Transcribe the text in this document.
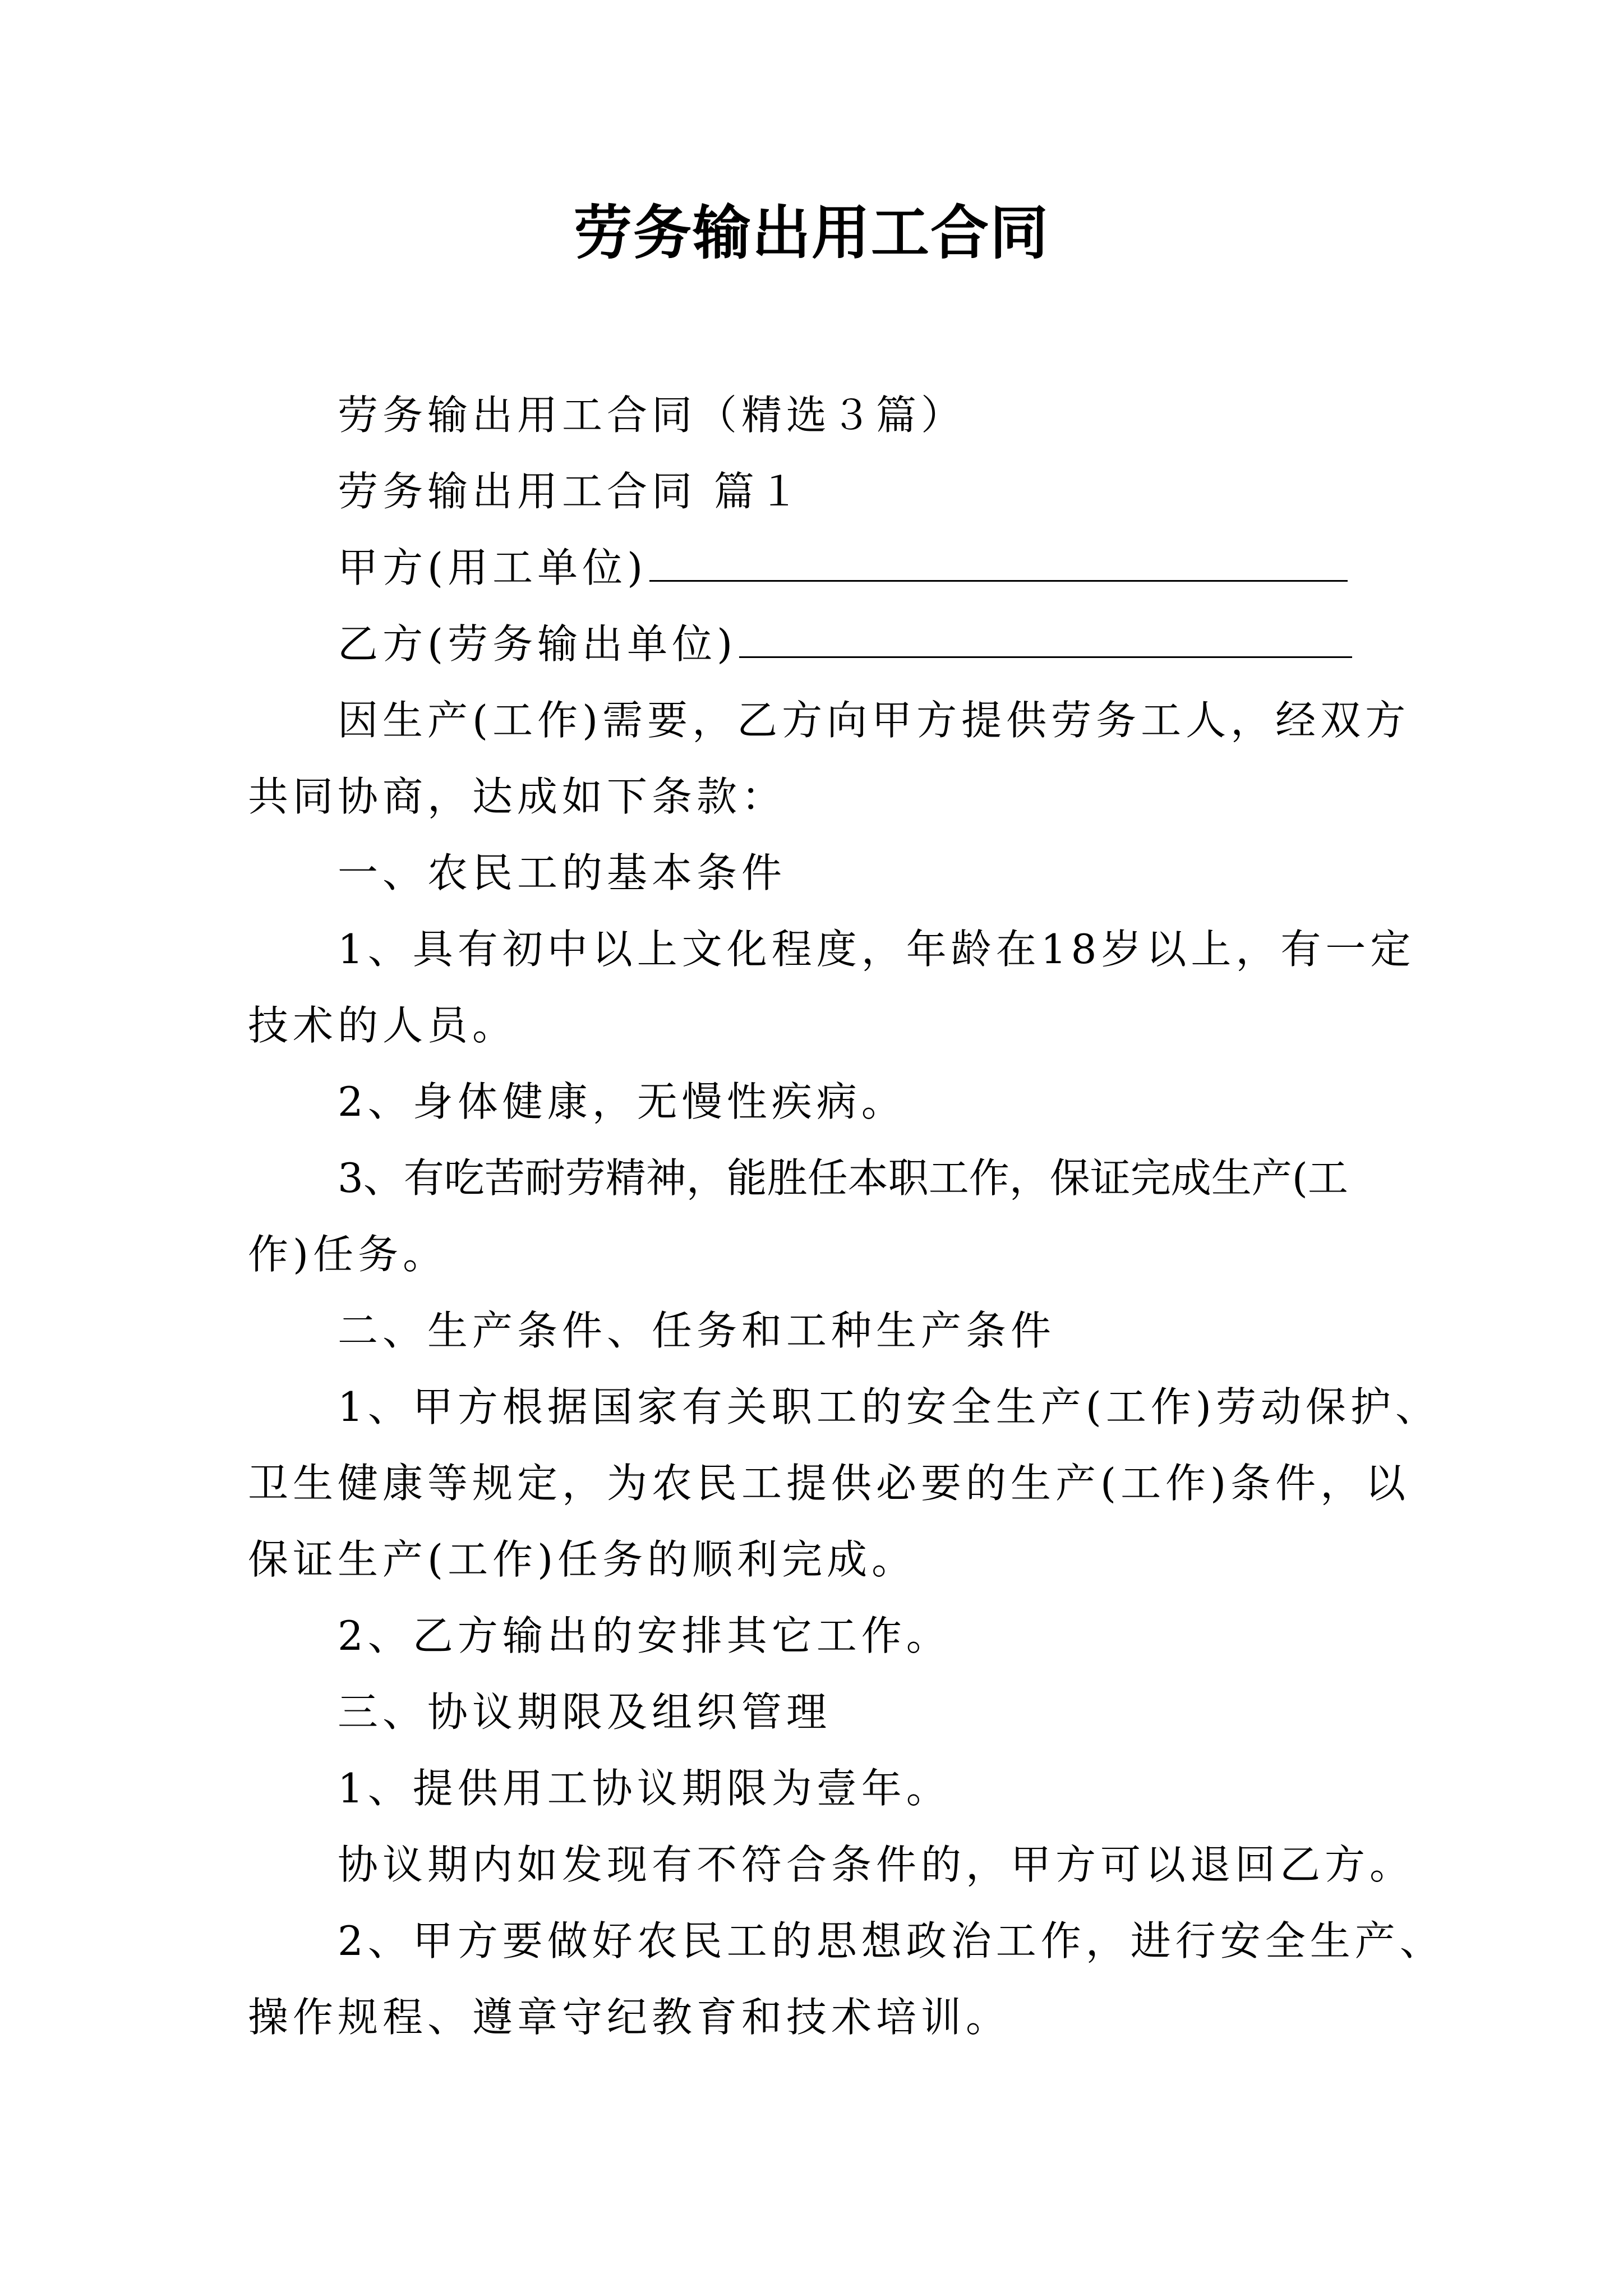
劳务输出用工合同

劳务输出用工合同（精选３篇）

劳务输出用工合同 篇１

甲方(用工单位)

乙方(劳务输出单位)

因生产(工作)需要，乙方向甲方提供劳务工人，经双方

共同协商，达成如下条款：

一、农民工的基本条件

1、具有初中以上文化程度，年龄在18岁以上，有一定

技术的人员。

2、身体健康，无慢性疾病。

3、有吃苦耐劳精神，能胜任本职工作，保证完成生产(工

作)任务。

二、生产条件、任务和工种生产条件

1、甲方根据国家有关职工的安全生产(工作)劳动保护、

卫生健康等规定，为农民工提供必要的生产(工作)条件，以

保证生产(工作)任务的顺利完成。

2、乙方输出的安排其它工作。

三、协议期限及组织管理

1、提供用工协议期限为壹年。

协议期内如发现有不符合条件的，甲方可以退回乙方。

2、甲方要做好农民工的思想政治工作，进行安全生产、

操作规程、遵章守纪教育和技术培训。
